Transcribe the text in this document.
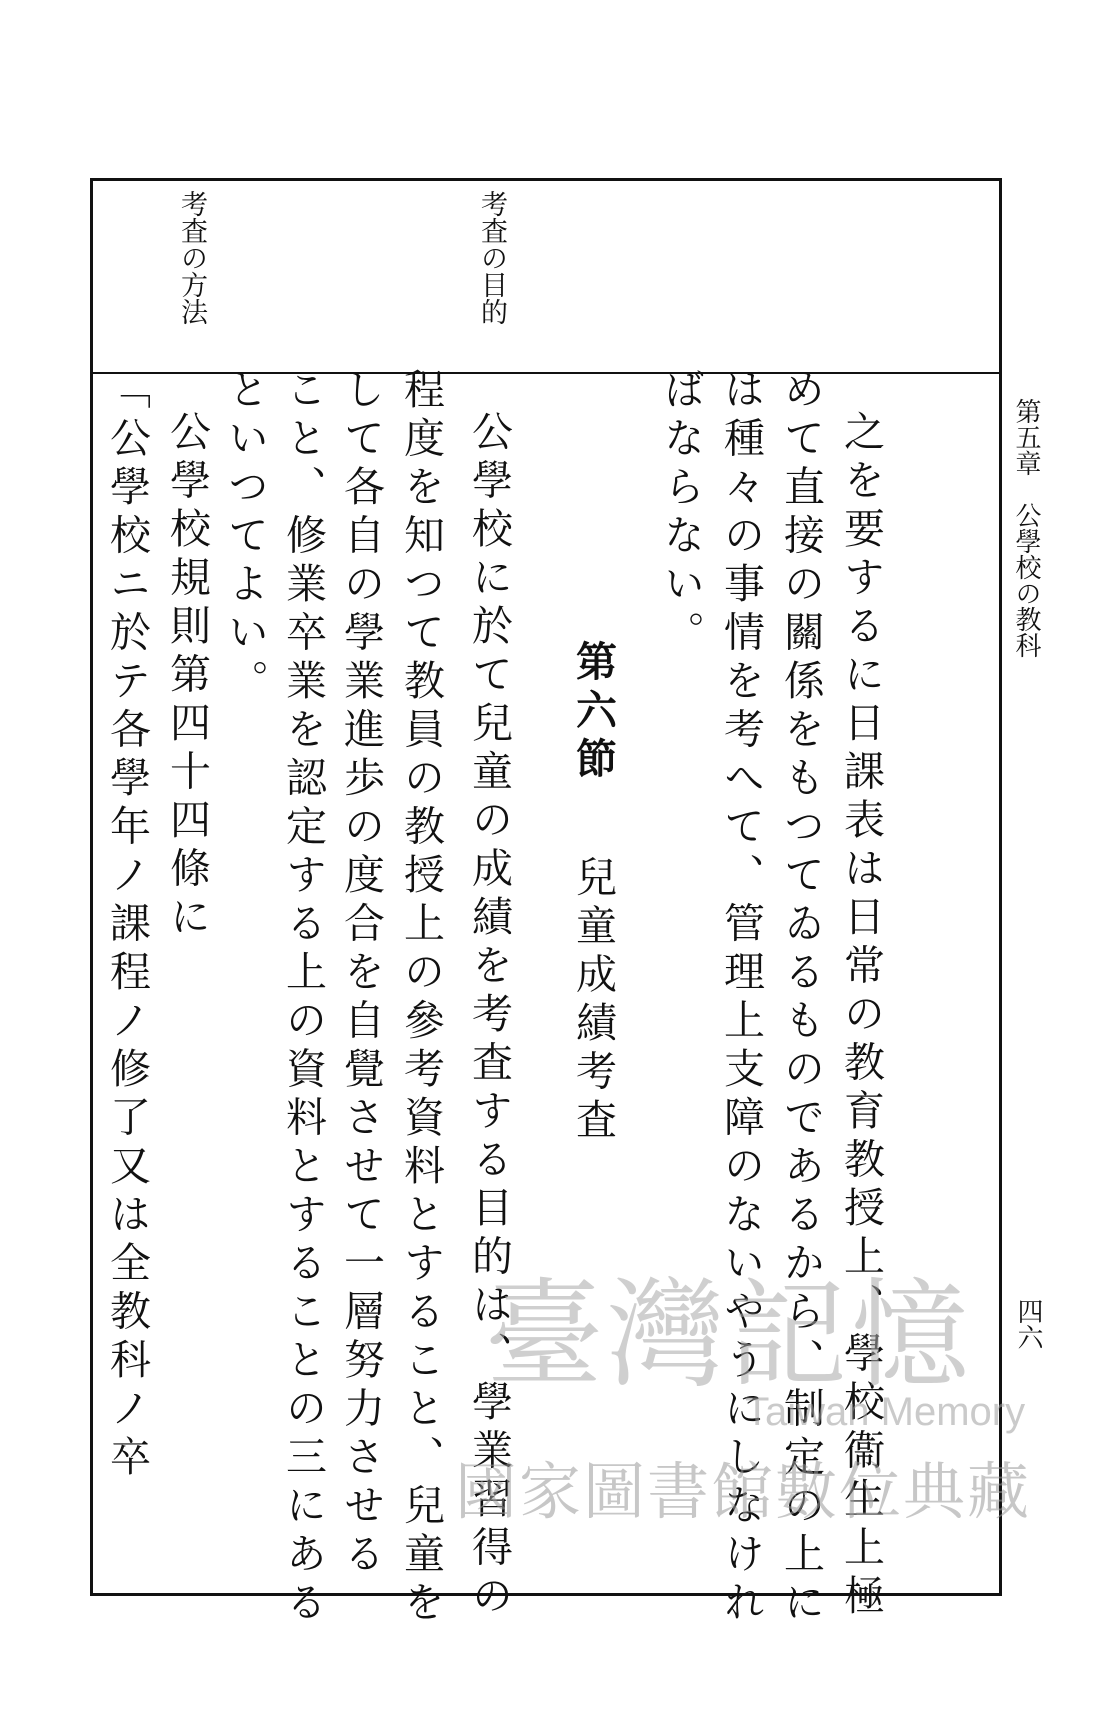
第五章　公學校の教科
四六
考査の目的
考査の方法
之を要するに日課表は日常の教育教授上、學校衞生上極
めて直接の關係をもつてゐるものであるから、制定の上に
は種々の事情を考へて、管理上支障のないやうにしなけれ
ばならない。
第六節兒童成績考査
公學校に於て兒童の成績を考査する目的は、學業習得の
程度を知つて教員の教授上の參考資料とすること、兒童を
して各自の學業進歩の度合を自覺させて一層努力させる
こと、修業卒業を認定する上の資料とすることの三にある
といつてよい。
公學校規則第四十四條に
「公學校ニ於テ各學年ノ課程ノ修了又は全教科ノ卒	臺灣記憶
Taiwan Memory
國家圖書館數位典藏
